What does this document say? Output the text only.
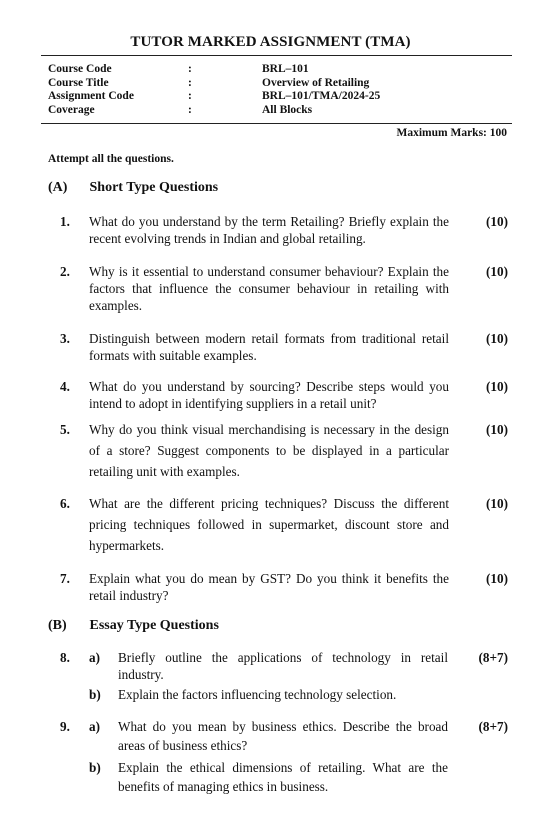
TUTOR MARKED ASSIGNMENT (TMA)
Course Code	:	BRL–101
Course Title	:	Overview of Retailing
Assignment Code	:	BRL–101/TMA/2024-25
Coverage	:	All Blocks
Maximum Marks: 100
Attempt all the questions.
(A) Short Type Questions
1.	What do you understand by the term Retailing? Briefly explain the recent evolving trends in Indian and global retailing.
(10)
2.	Why is it essential to understand consumer behaviour? Explain the factors that influence the consumer behaviour in retailing with examples.
(10)
3.	Distinguish between modern retail formats from traditional retail formats with suitable examples.
(10)
4.	What do you understand by sourcing? Describe steps would you intend to adopt in identifying suppliers in a retail unit?
(10)
5.	Why do you think visual merchandising is necessary in the design of a store? Suggest components to be displayed in a particular retailing unit with examples.
(10)
6.	What are the different pricing techniques? Discuss the different pricing techniques followed in supermarket, discount store and hypermarkets.
(10)
7.	Explain what you do mean by GST? Do you think it benefits the retail industry?
(10)
(B) Essay Type Questions
8.	(8+7)
a) Briefly outline the applications of technology in retail industry.
b) Explain the factors influencing technology selection.
9.	(8+7)
a) What do you mean by business ethics. Describe the broad areas of business ethics?
b) Explain the ethical dimensions of retailing. What are the benefits of managing ethics in business.
